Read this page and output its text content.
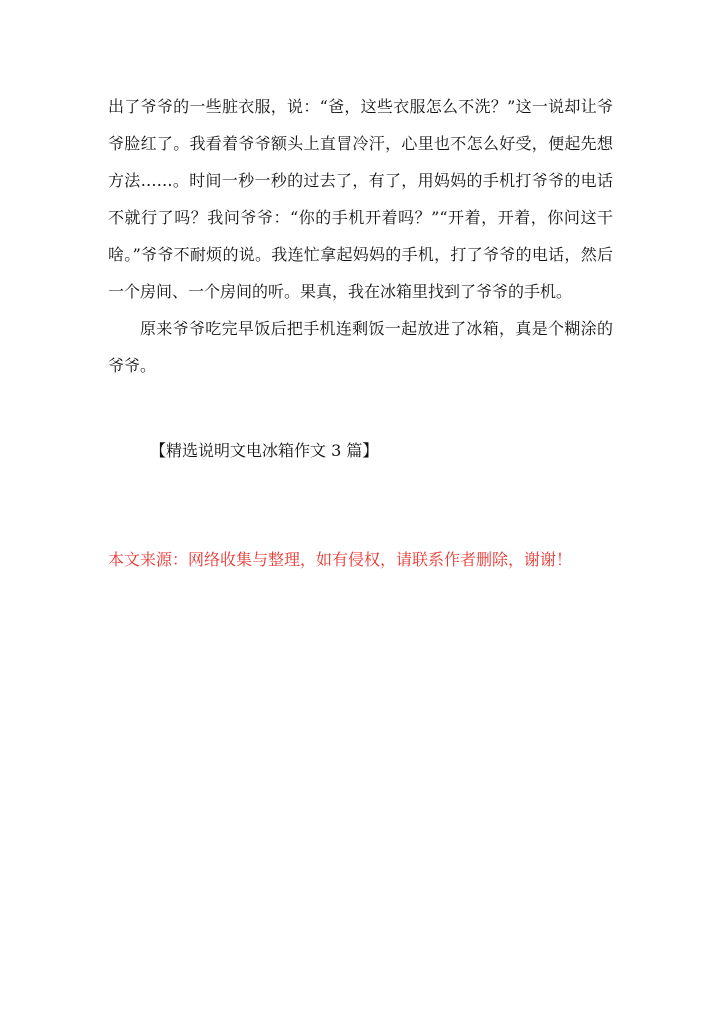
出了爷爷的一些脏衣服，说：“爸，这些衣服怎么不洗？”这一说却让爷爷脸红了。我看着爷爷额头上直冒冷汗，心里也不怎么好受，便起先想方法……。时间一秒一秒的过去了，有了，用妈妈的手机打爷爷的电话不就行了吗？我问爷爷：“你的手机开着吗？”“开着，开着，你问这干啥。”爷爷不耐烦的说。我连忙拿起妈妈的手机，打了爷爷的电话，然后一个房间、一个房间的听。果真，我在冰箱里找到了爷爷的手机。

原来爷爷吃完早饭后把手机连剩饭一起放进了冰箱，真是个糊涂的爷爷。

【精选说明文电冰箱作文 3 篇】
本文来源：网络收集与整理，如有侵权，请联系作者删除，谢谢！
